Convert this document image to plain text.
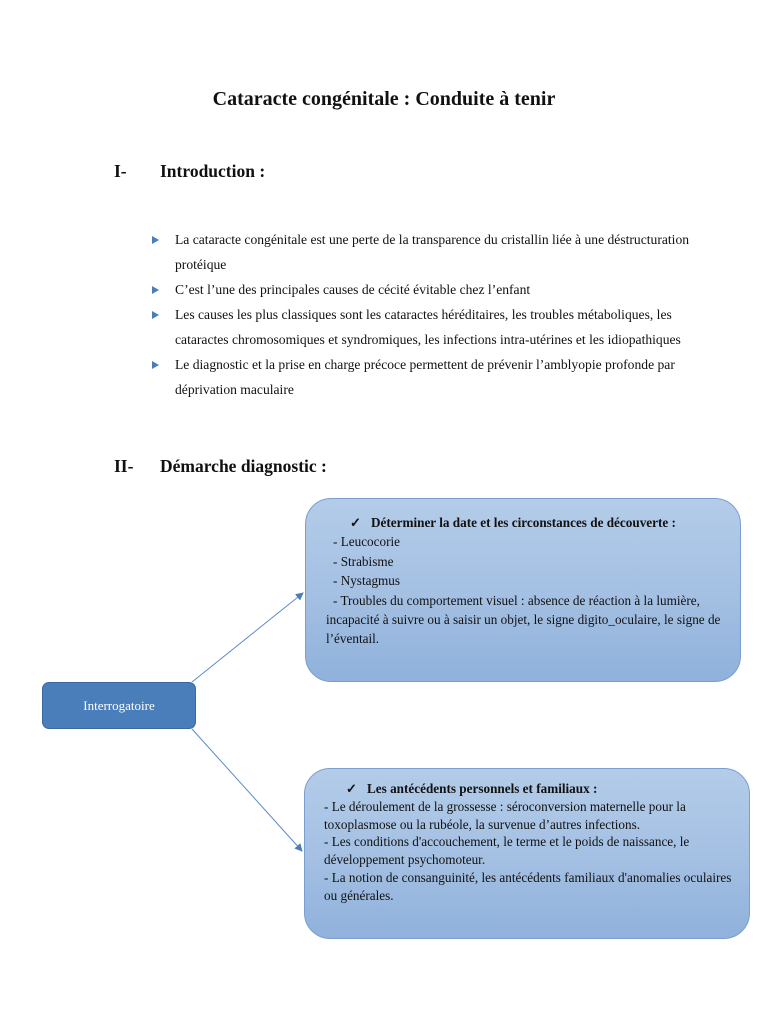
Cataracte congénitale : Conduite à tenir
I- Introduction :
La cataracte congénitale est une perte de la transparence du cristallin liée à une déstructuration protéique
C’est l’une des principales causes de cécité évitable chez l’enfant
Les causes les plus classiques sont les cataractes héréditaires, les troubles métaboliques, les cataractes chromosomiques et syndromiques, les infections intra-utérines et les idiopathiques
Le diagnostic et la prise en charge précoce permettent de prévenir l’amblyopie profonde par déprivation maculaire
II- Démarche diagnostic :
Interrogatoire
✓ Déterminer la date et les circonstances de découverte :
- Leucocorie
- Strabisme
- Nystagmus
- Troubles du comportement visuel : absence de réaction à la lumière, incapacité à suivre ou à saisir un objet, le signe digito_oculaire, le signe de l’éventail.
✓ Les antécédents personnels et familiaux :
- Le déroulement de la grossesse : séroconversion maternelle pour la toxoplasmose ou la rubéole, la survenue d’autres infections.
- Les conditions d'accouchement, le terme et le poids de naissance, le développement psychomoteur.
- La notion de consanguinité, les antécédents familiaux d'anomalies oculaires ou générales.
